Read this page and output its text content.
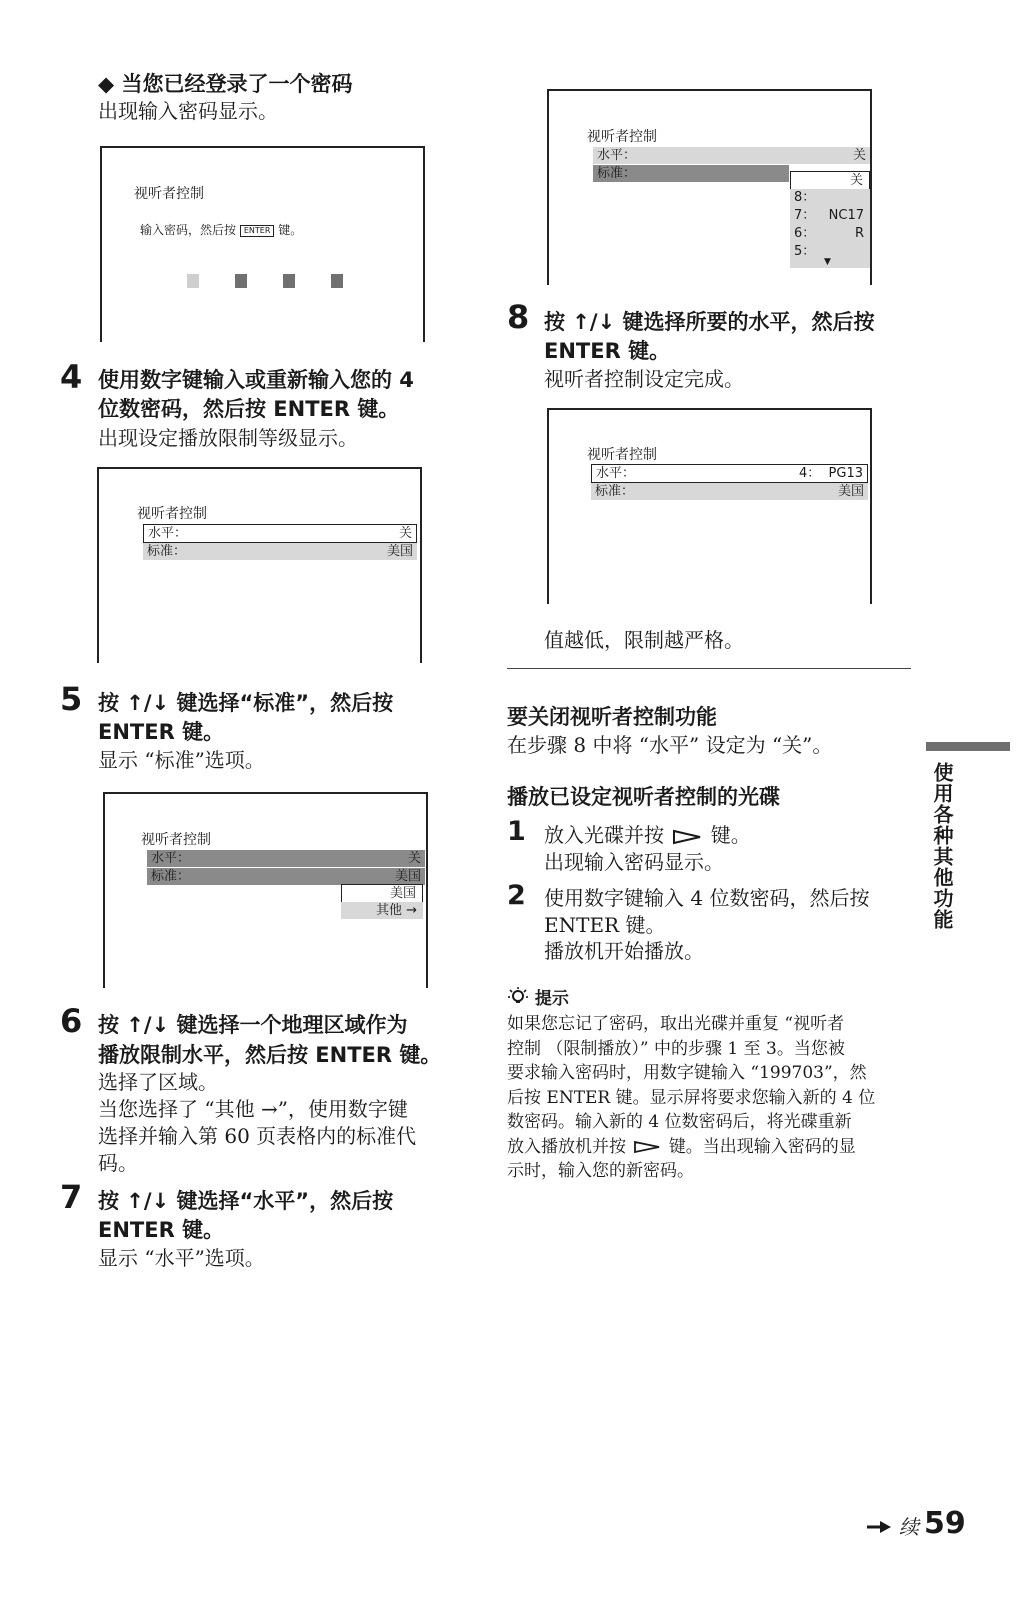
◆ 当您已经登录了一个密码
出现输入密码显示。
视听者控制
输入密码，然后按 ENTER 键。
4 使用数字键输入或重新输入您的 4
位数密码，然后按 ENTER 键。
出现设定播放限制等级显示。
视听者控制
水平：	关
标准：	美国
5 按 ↑/↓ 键选择“标准”，然后按
ENTER 键。
显示 “标准”选项。
视听者控制
水平：	关
标准：	美国
美国
其他 →
6 按 ↑/↓ 键选择一个地理区域作为
播放限制水平，然后按 ENTER 键。
选择了区域。
当您选择了 “其他 →”，使用数字键
选择并输入第 60 页表格内的标准代
码。
7 按 ↑/↓ 键选择“水平”，然后按
ENTER 键。
显示 “水平”选项。
视听者控制
水平：	关
标准：	关
8：
7： NC17
6：	R
5：
▼
8 按 ↑/↓ 键选择所要的水平，然后按
ENTER 键。
视听者控制设定完成。
视听者控制
水平：	4：  PG13
标准：	美国
值越低，限制越严格。
要关闭视听者控制功能
在步骤 8 中将 “水平” 设定为 “关”。
播放已设定视听者控制的光碟
1 放入光碟并按 键。
出现输入密码显示。
2 使用数字键输入 4 位数密码，然后按
ENTER 键。
播放机开始播放。
提示
如果您忘记了密码，取出光碟并重复 “视听者
控制 （限制播放）” 中的步骤 1 至 3。当您被
要求输入密码时，用数字键输入 “199703”，然
后按 ENTER 键。显示屏将要求您输入新的 4 位
数密码。输入新的 4 位数密码后，将光碟重新
放入播放机并按	键。当出现输入密码的显
示时，输入您的新密码。
使用各种其他功能
续 59
